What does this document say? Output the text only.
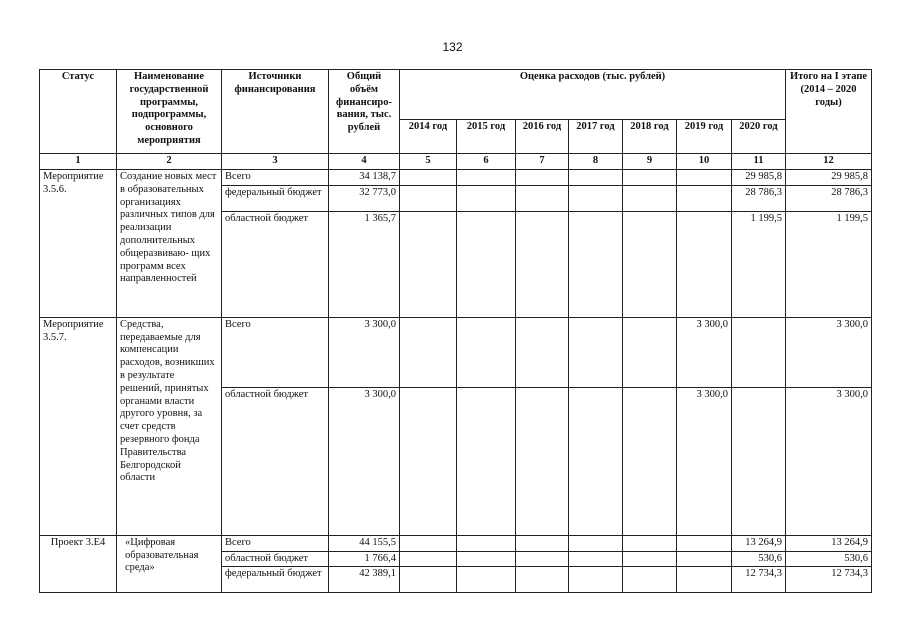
132
Статус	Наименование государственной программы, подпрограммы, основного мероприятия	Источники финансирования	Общий объём финансиро- вания, тыс. рублей	Оценка расходов (тыс. рублей)							Итого на I этапе (2014 – 2020 годы)
				2014 год	2015 год	2016 год	2017 год	2018 год	2019 год	2020 год	
1	2	3	4	5	6	7	8	9	10	11	12
Мероприятие 3.5.6.	Создание новых мест в образовательных организациях различных типов для реализации дополнительных общеразвиваю- щих программ всех направленностей	Всего	34 138,7							29 985,8	29 985,8
		федеральный бюджет	32 773,0							28 786,3	28 786,3
		областной бюджет	1 365,7							1 199,5	1 199,5
Мероприятие 3.5.7.	Средства, передаваемые для компенсации расходов, возникших в результате решений, принятых органами власти другого уровня, за счет средств резервного фонда Правительства Белгородской области	Всего	3 300,0						3 300,0		3 300,0
		областной бюджет	3 300,0						3 300,0		3 300,0
Проект 3.Е4	«Цифровая образовательная среда»	Всего	44 155,5							13 264,9	13 264,9
		областной бюджет	1 766,4							530,6	530,6
		федеральный бюджет	42 389,1							12 734,3	12 734,3
